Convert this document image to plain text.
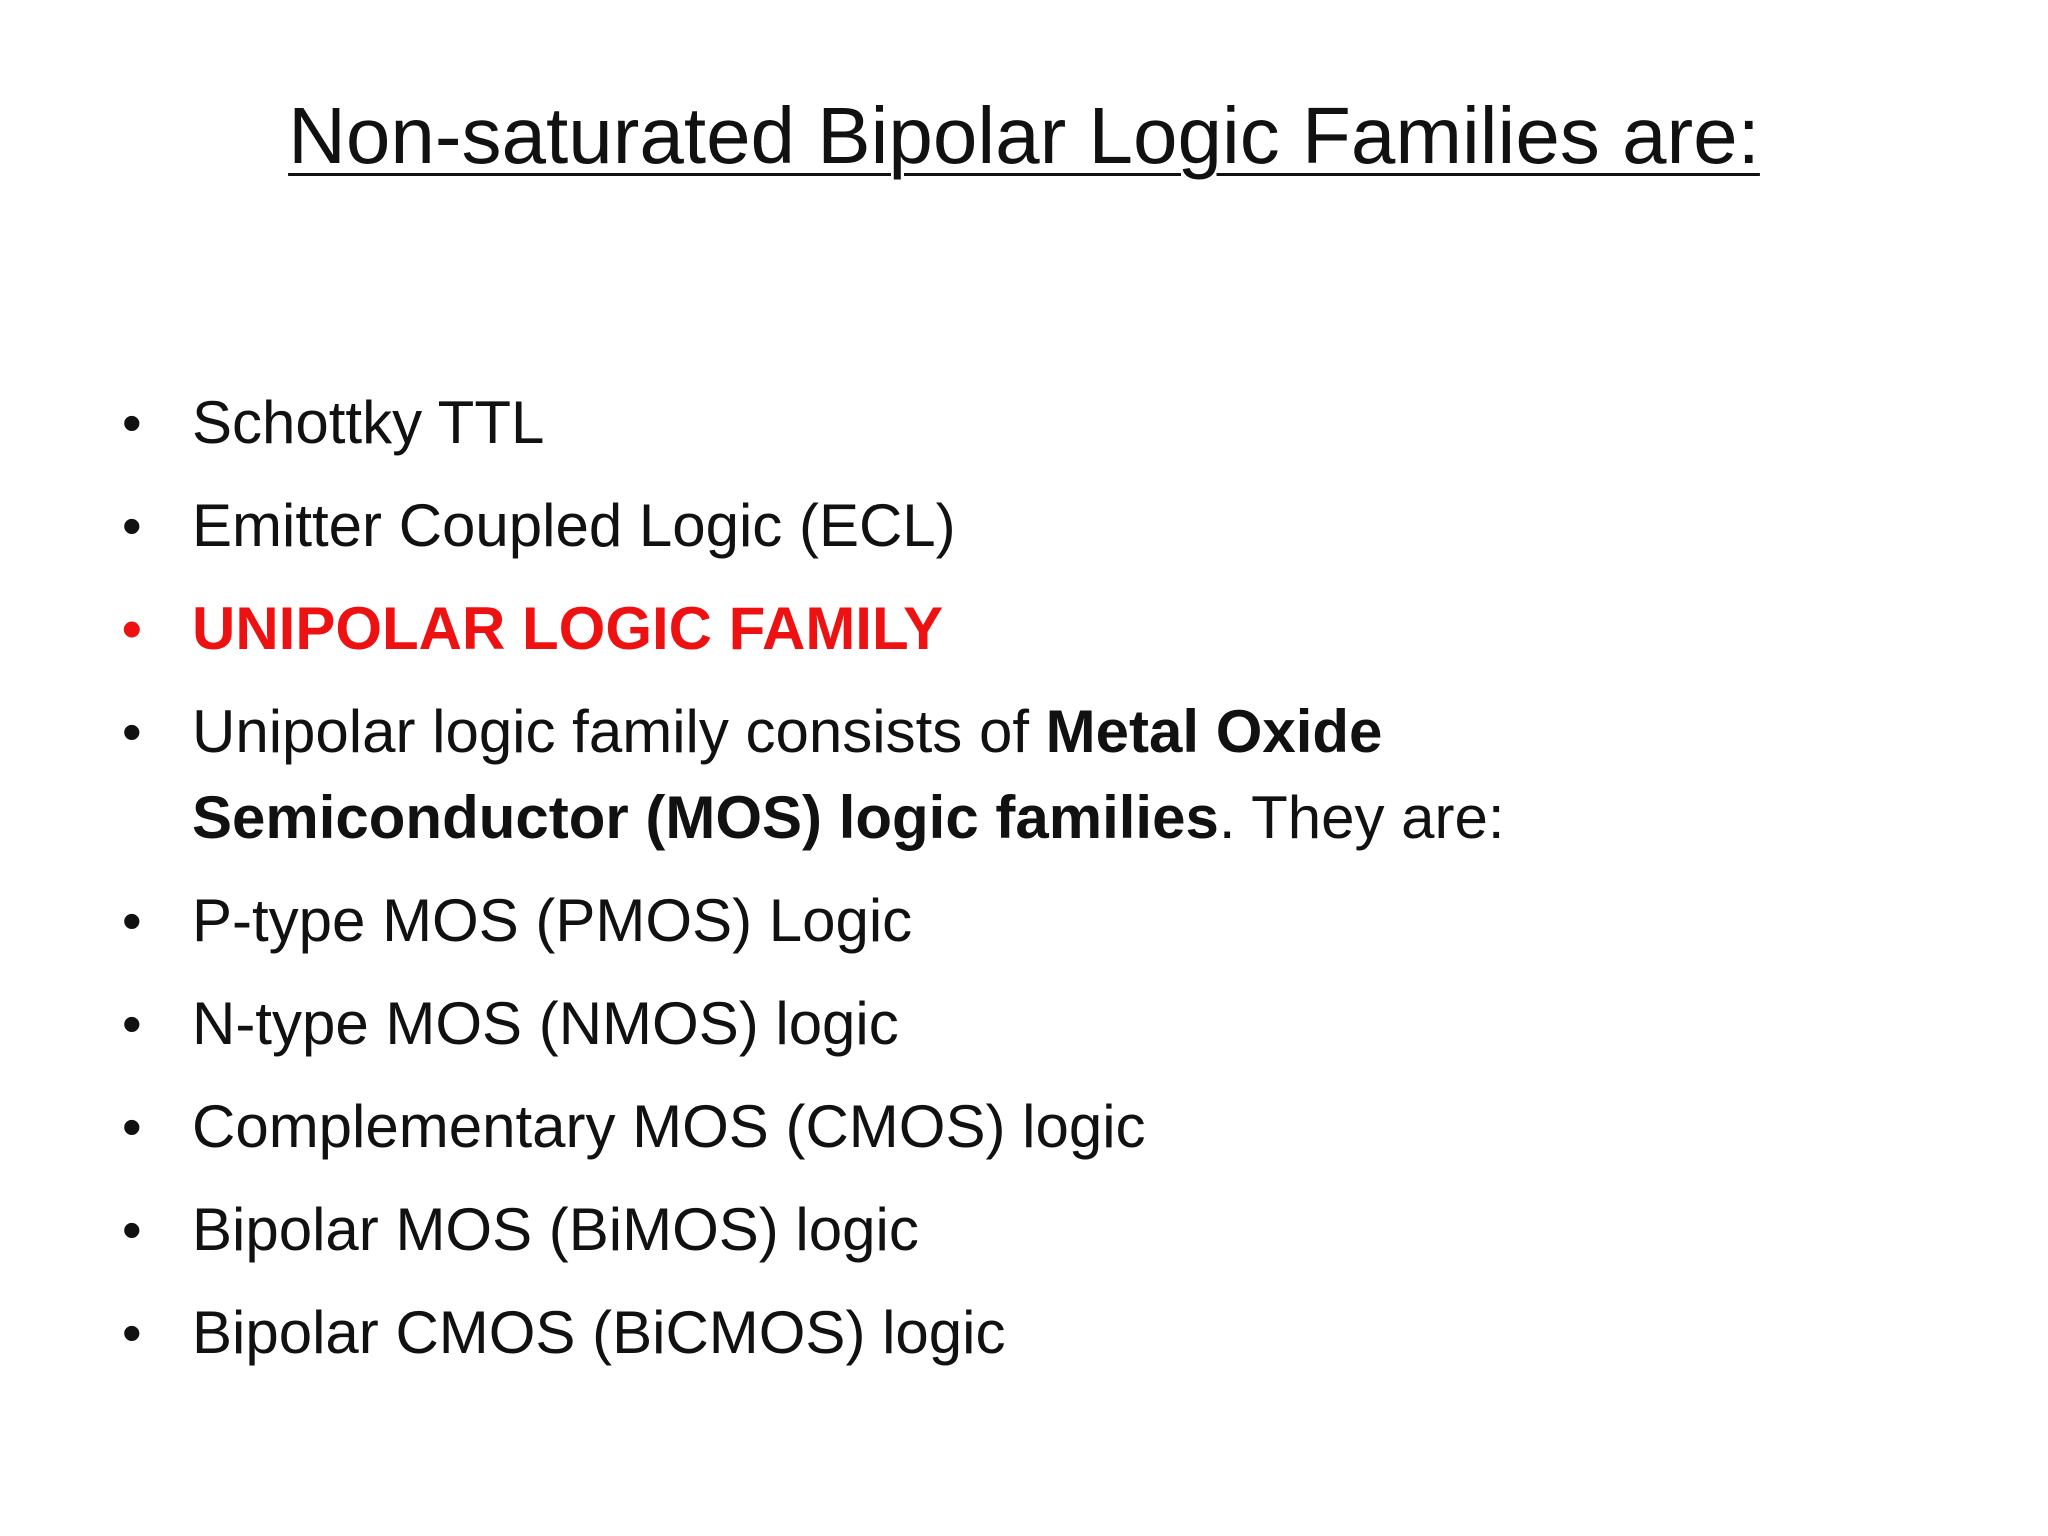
Non-saturated Bipolar Logic Families are:
• Schottky TTL
• Emitter Coupled Logic (ECL)
• UNIPOLAR LOGIC FAMILY
• Unipolar logic family consists of Metal Oxide Semiconductor (MOS) logic families. They are:
• P-type MOS (PMOS) Logic
• N-type MOS (NMOS) logic
• Complementary MOS (CMOS) logic
• Bipolar MOS (BiMOS) logic
• Bipolar CMOS (BiCMOS) logic
